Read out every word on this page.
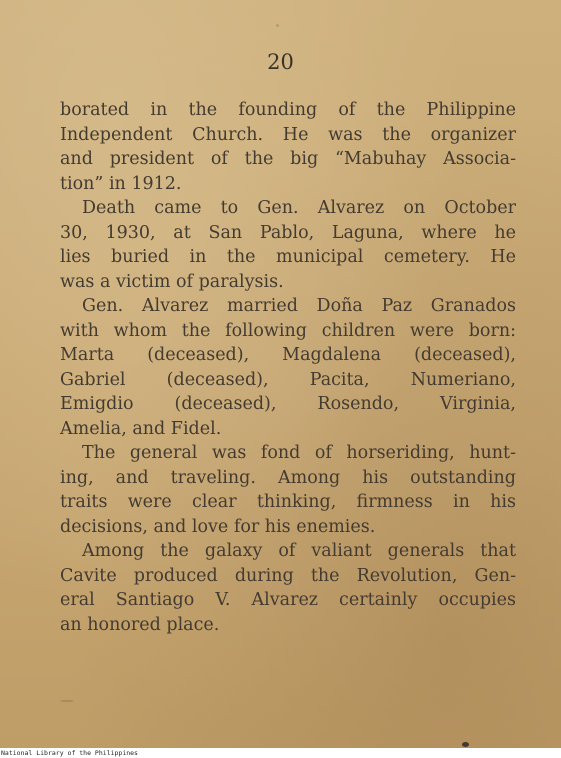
20

borated in the founding of the Philippine
Independent Church. He was the organizer
and president of the big “Mabuhay Associa-
tion” in 1912.

Death came to Gen. Alvarez on October
30, 1930, at San Pablo, Laguna, where he
lies buried in the municipal cemetery. He
was a victim of paralysis.

Gen. Alvarez married Doña Paz Granados
with whom the following children were born:
Marta (deceased), Magdalena (deceased),
Gabriel (deceased), Pacita, Numeriano,
Emigdio (deceased), Rosendo, Virginia,
Amelia, and Fidel.

The general was fond of horseriding, hunt-
ing, and traveling. Among his outstanding
traits were clear thinking, firmness in his
decisions, and love for his enemies.

Among the galaxy of valiant generals that
Cavite produced during the Revolution, Gen-
eral Santiago V. Alvarez certainly occupies
an honored place.

National Library of the Philippines
